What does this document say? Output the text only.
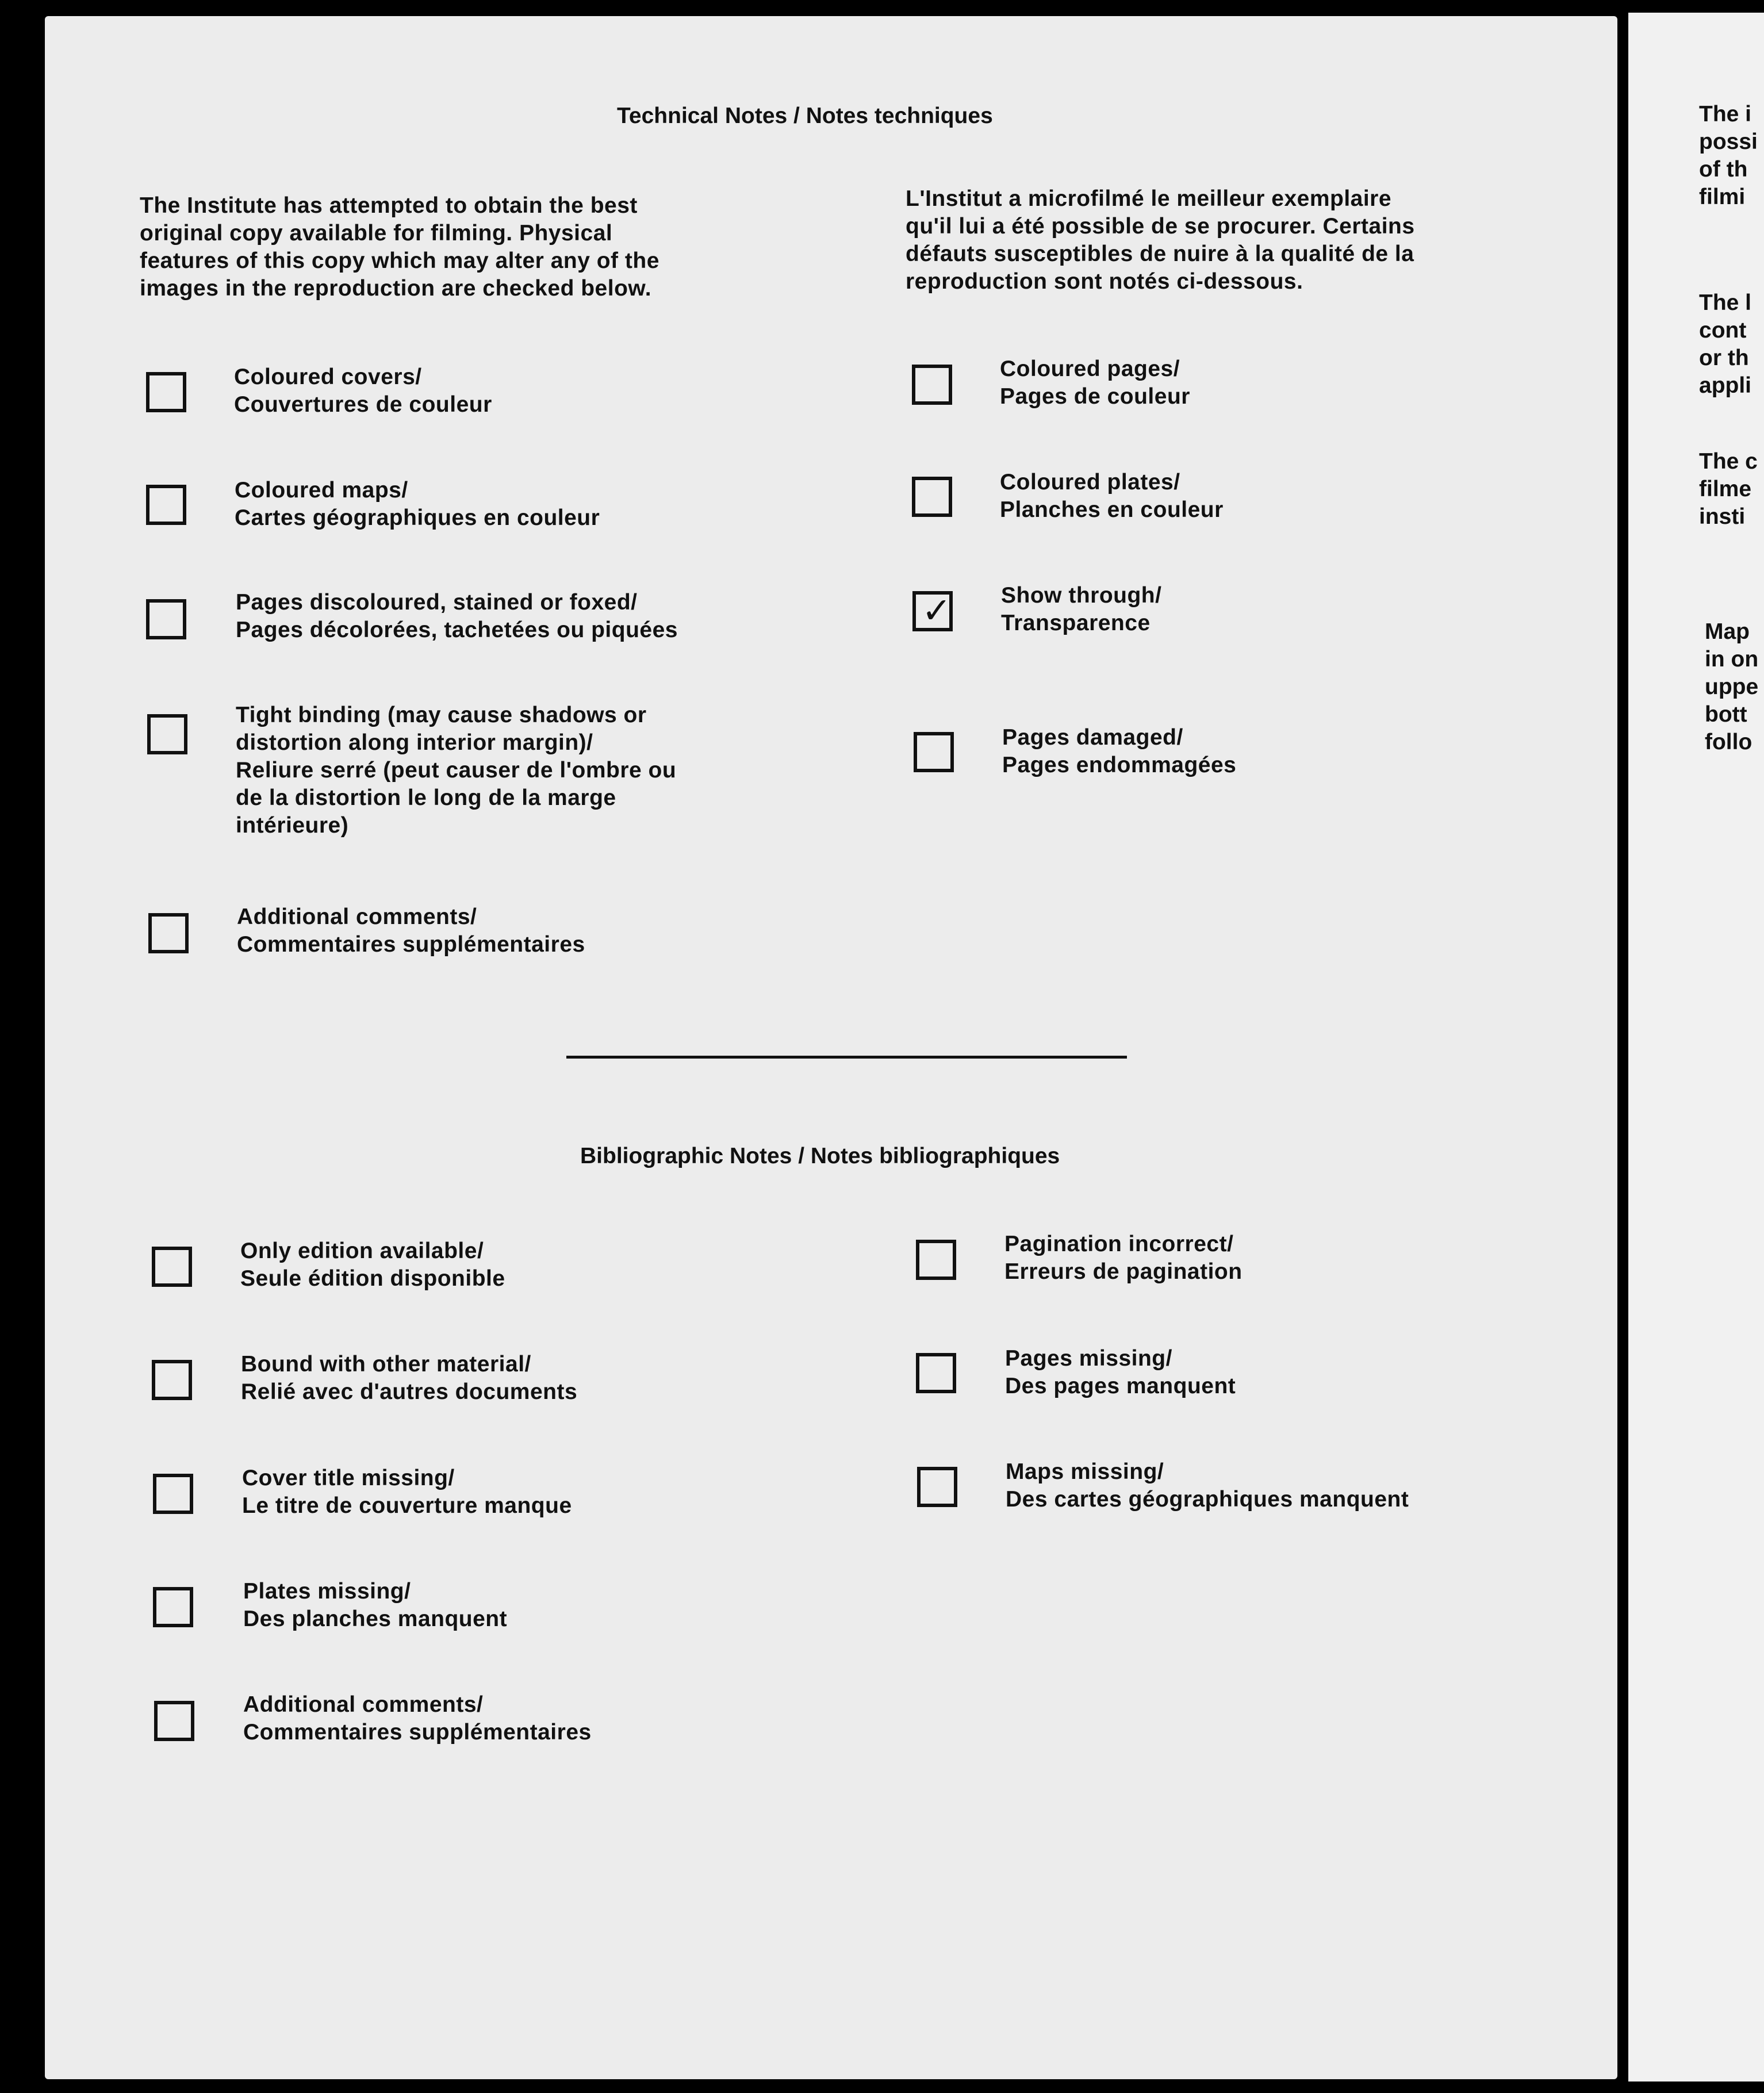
Technical Notes / Notes techniques
The Institute has attempted to obtain the best
original copy available for filming. Physical
features of this copy which may alter any of the
images in the reproduction are checked below.
L'Institut a microfilmé le meilleur exemplaire
qu'il lui a été possible de se procurer. Certains
défauts susceptibles de nuire à la qualité de la
reproduction sont notés ci-dessous.
Coloured covers/
Couvertures de couleur
Coloured maps/
Cartes géographiques en couleur
Pages discoloured, stained or foxed/
Pages décolorées, tachetées ou piquées
Tight binding (may cause shadows or
distortion along interior margin)/
Reliure serré (peut causer de l'ombre ou
de la distortion le long de la marge
intérieure)
Additional comments/
Commentaires supplémentaires
Coloured pages/
Pages de couleur
Coloured plates/
Planches en couleur
✓ Show through/
Transparence
Pages damaged/
Pages endommagées
Bibliographic Notes / Notes bibliographiques
Only edition available/
Seule édition disponible
Bound with other material/
Relié avec d'autres documents
Cover title missing/
Le titre de couverture manque
Plates missing/
Des planches manquent
Additional comments/
Commentaires supplémentaires
Pagination incorrect/
Erreurs de pagination
Pages missing/
Des pages manquent
Maps missing/
Des cartes géographiques manquent
The i
possi
of th
filmi
The l
cont
or th
appli
The c
filme
insti
Map
in on
uppe
bott
follo
